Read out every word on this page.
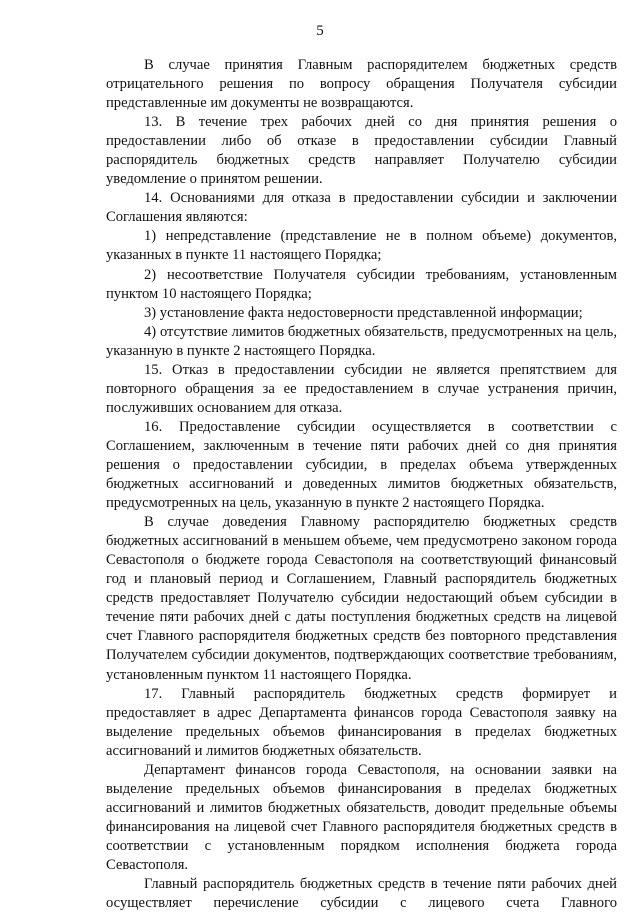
5

В случае принятия Главным распорядителем бюджетных средств отрицательного решения по вопросу обращения Получателя субсидии представленные им документы не возвращаются.

13. В течение трех рабочих дней со дня принятия решения о предоставлении либо об отказе в предоставлении субсидии Главный распорядитель бюджетных средств направляет Получателю субсидии уведомление о принятом решении.

14. Основаниями для отказа в предоставлении субсидии и заключении Соглашения являются:

1) непредставление (представление не в полном объеме) документов, указанных в пункте 11 настоящего Порядка;

2) несоответствие Получателя субсидии требованиям, установленным пунктом 10 настоящего Порядка;

3) установление факта недостоверности представленной информации;

4) отсутствие лимитов бюджетных обязательств, предусмотренных на цель, указанную в пункте 2 настоящего Порядка.

15. Отказ в предоставлении субсидии не является препятствием для повторного обращения за ее предоставлением в случае устранения причин, послуживших основанием для отказа.

16. Предоставление субсидии осуществляется в соответствии с Соглашением, заключенным в течение пяти рабочих дней со дня принятия решения о предоставлении субсидии, в пределах объема утвержденных бюджетных ассигнований и доведенных лимитов бюджетных обязательств, предусмотренных на цель, указанную в пункте 2 настоящего Порядка.

В случае доведения Главному распорядителю бюджетных средств бюджетных ассигнований в меньшем объеме, чем предусмотрено законом города Севастополя о бюджете города Севастополя на соответствующий финансовый год и плановый период и Соглашением, Главный распорядитель бюджетных средств предоставляет Получателю субсидии недостающий объем субсидии в течение пяти рабочих дней с даты поступления бюджетных средств на лицевой счет Главного распорядителя бюджетных средств без повторного представления Получателем субсидии документов, подтверждающих соответствие требованиям, установленным пунктом 11 настоящего Порядка.

17. Главный распорядитель бюджетных средств формирует и предоставляет в адрес Департамента финансов города Севастополя заявку на выделение предельных объемов финансирования в пределах бюджетных ассигнований и лимитов бюджетных обязательств.

Департамент финансов города Севастополя, на основании заявки на выделение предельных объемов финансирования в пределах бюджетных ассигнований и лимитов бюджетных обязательств, доводит предельные объемы финансирования на лицевой счет Главного распорядителя бюджетных средств в соответствии с установленным порядком исполнения бюджета города Севастополя.

Главный распорядитель бюджетных средств в течение пяти рабочих дней осуществляет перечисление субсидии с лицевого счета Главного
